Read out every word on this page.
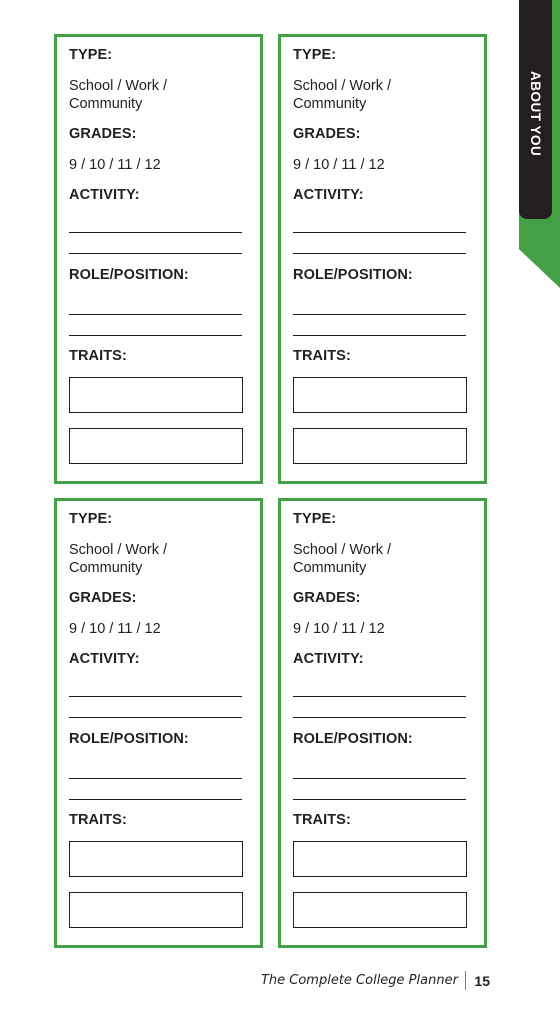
ABOUT YOU
TYPE:
School / Work /
Community
GRADES:
9 / 10 / 11 / 12
ACTIVITY:
ROLE/POSITION:
TRAITS:
TYPE:
School / Work /
Community
GRADES:
9 / 10 / 11 / 12
ACTIVITY:
ROLE/POSITION:
TRAITS:
TYPE:
School / Work /
Community
GRADES:
9 / 10 / 11 / 12
ACTIVITY:
ROLE/POSITION:
TRAITS:
TYPE:
School / Work /
Community
GRADES:
9 / 10 / 11 / 12
ACTIVITY:
ROLE/POSITION:
TRAITS:
The Complete College Planner 15
